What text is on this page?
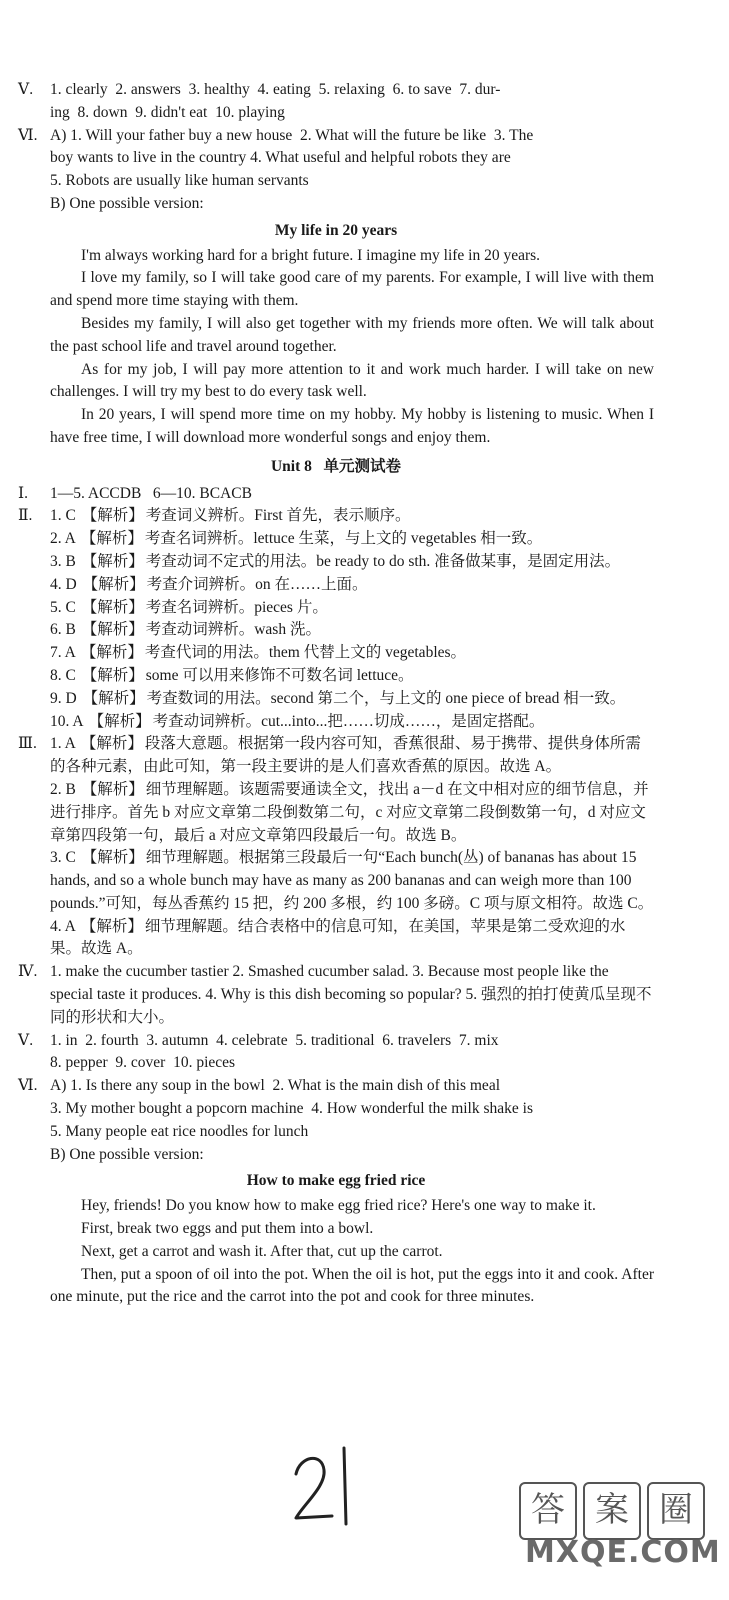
Ⅴ.	1. clearly  2. answers  3. healthy  4. eating  5. relaxing  6. to save  7. dur-
ing  8. down  9. didn't eat  10. playing
Ⅵ. A) 1. Will your father buy a new house  2. What will the future be like  3. The
boy wants to live in the country 4. What useful and helpful robots they are
5. Robots are usually like human servants
B) One possible version:
My life in 20 years
I'm always working hard for a bright future. I imagine my life in 20 years.
I love my family, so I will take good care of my parents. For example, I will live with them and spend more time staying with them.
Besides my family, I will also get together with my friends more often. We will talk about the past school life and travel around together.
As for my job, I will pay more attention to it and work much harder. I will take on new challenges. I will try my best to do every task well.
In 20 years, I will spend more time on my hobby. My hobby is listening to music. When I have free time, I will download more wonderful songs and enjoy them.
Unit 8   单元测试卷
Ⅰ.	1—5. ACCDB   6—10. BCACB
Ⅱ.	1. C 【解析】 考查词义辨析。First 首先，表示顺序。
2. A 【解析】 考查名词辨析。lettuce 生菜，与上文的 vegetables 相一致。
3. B 【解析】 考查动词不定式的用法。be ready to do sth. 准备做某事，是固定用法。
4. D 【解析】 考查介词辨析。on 在……上面。
5. C 【解析】 考查名词辨析。pieces 片。
6. B 【解析】 考查动词辨析。wash 洗。
7. A 【解析】 考查代词的用法。them 代替上文的 vegetables。
8. C 【解析】 some 可以用来修饰不可数名词 lettuce。
9. D 【解析】 考查数词的用法。second 第二个，与上文的 one piece of bread 相一致。
10. A 【解析】 考查动词辨析。cut...into...把……切成……，是固定搭配。
Ⅲ. 1. A 【解析】 段落大意题。根据第一段内容可知，香蕉很甜、易于携带、提供身体所需的各种元素，由此可知，第一段主要讲的是人们喜欢香蕉的原因。故选 A。
2. B 【解析】 细节理解题。该题需要通读全文，找出 a－d 在文中相对应的细节信息，并进行排序。首先 b 对应文章第二段倒数第二句，c 对应文章第二段倒数第一句，d 对应文章第四段第一句，最后 a 对应文章第四段最后一句。故选 B。
3. C 【解析】 细节理解题。根据第三段最后一句“Each bunch(丛) of bananas has about 15 hands, and so a whole bunch may have as many as 200 bananas and can weigh more than 100 pounds.”可知，每丛香蕉约 15 把，约 200 多根，约 100 多磅。C 项与原文相符。故选 C。
4. A 【解析】 细节理解题。结合表格中的信息可知，在美国，苹果是第二受欢迎的水果。故选 A。
Ⅳ. 1. make the cucumber tastier 2. Smashed cucumber salad. 3. Because most people like the special taste it produces. 4. Why is this dish becoming so popular? 5. 强烈的拍打使黄瓜呈现不同的形状和大小。
Ⅴ.	1. in  2. fourth  3. autumn  4. celebrate  5. traditional  6. travelers  7. mix
8. pepper  9. cover  10. pieces
Ⅵ. A) 1. Is there any soup in the bowl  2. What is the main dish of this meal
3. My mother bought a popcorn machine  4. How wonderful the milk shake is
5. Many people eat rice noodles for lunch
B) One possible version:
How to make egg fried rice
Hey, friends! Do you know how to make egg fried rice? Here's one way to make it.
First, break two eggs and put them into a bowl.
Next, get a carrot and wash it. After that, cut up the carrot.
Then, put a spoon of oil into the pot. When the oil is hot, put the eggs into it and cook. After one minute, put the rice and the carrot into the pot and cook for three minutes.
答 案 圈
MXQE.COM
